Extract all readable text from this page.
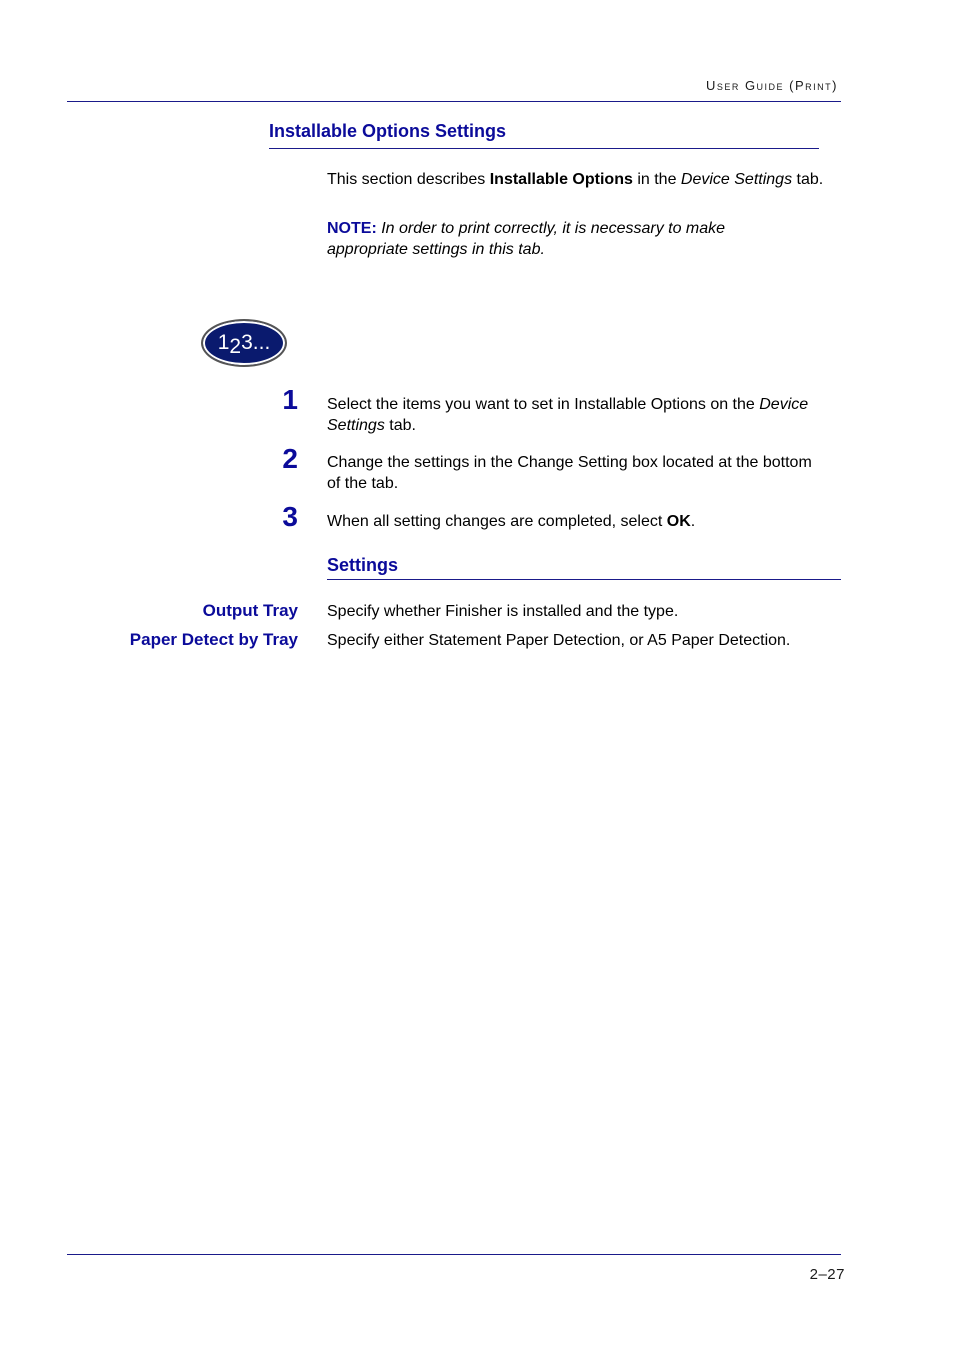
User Guide (Print)
Installable Options Settings
This section describes Installable Options in the Device Settings tab.
NOTE: In order to print correctly, it is necessary to make appropriate settings in this tab.
123...
1 Select the items you want to set in Installable Options on the Device Settings tab.
2 Change the settings in the Change Setting box located at the bottom of the tab.
3 When all setting changes are completed, select OK.
Settings
Output Tray Specify whether Finisher is installed and the type.
Paper Detect by Tray Specify either Statement Paper Detection, or A5 Paper Detection.
2–27
